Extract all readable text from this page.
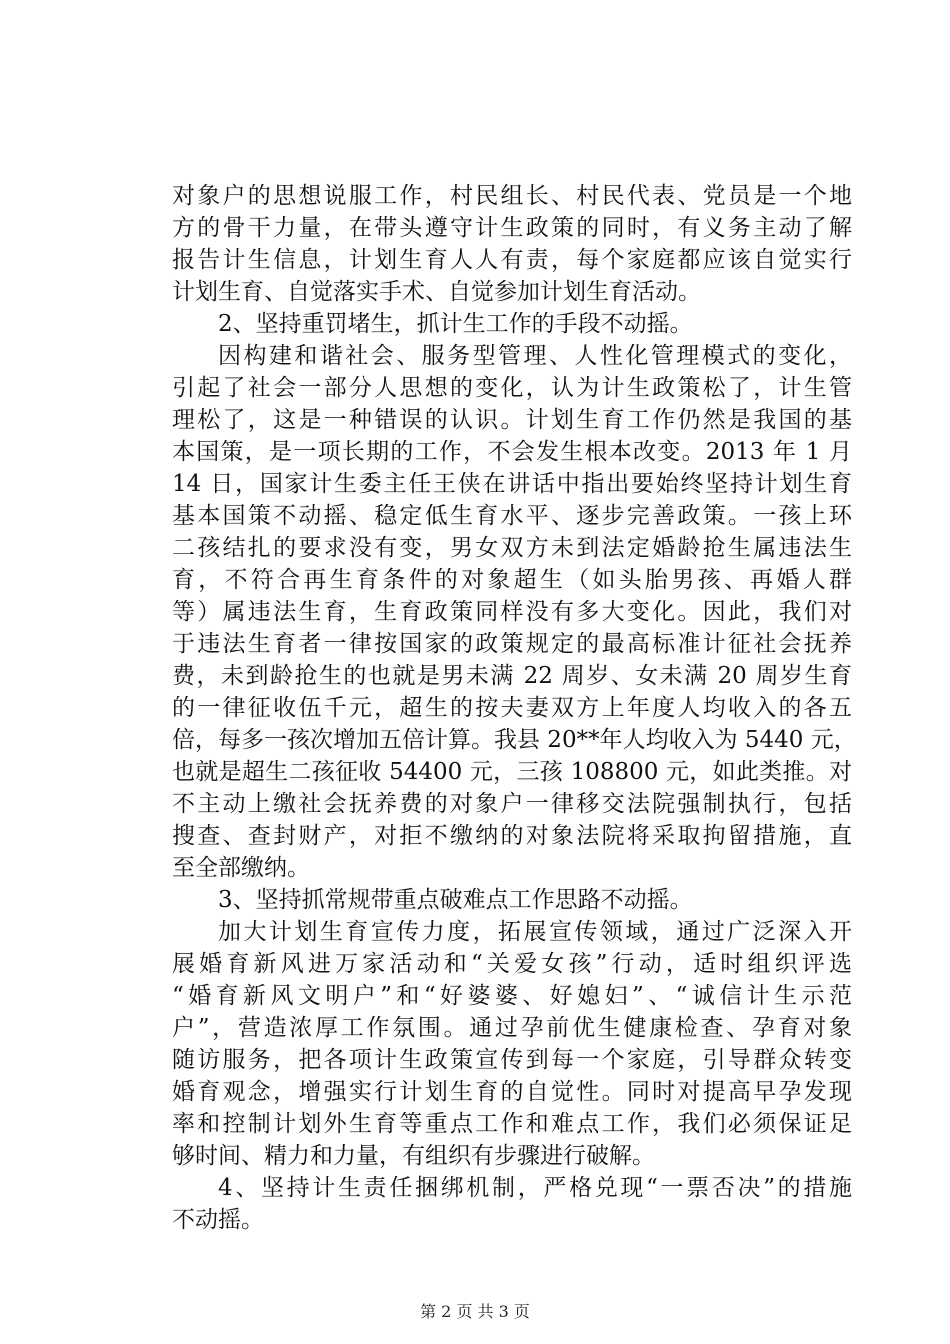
对象户的思想说服工作，村民组长、村民代表、党员是一个地
方的骨干力量，在带头遵守计生政策的同时，有义务主动了解
报告计生信息，计划生育人人有责，每个家庭都应该自觉实行
计划生育、自觉落实手术、自觉参加计划生育活动。
2、坚持重罚堵生，抓计生工作的手段不动摇。
因构建和谐社会、服务型管理、人性化管理模式的变化，
引起了社会一部分人思想的变化，认为计生政策松了，计生管
理松了，这是一种错误的认识。计划生育工作仍然是我国的基
本国策，是一项长期的工作，不会发生根本改变。2013 年 1 月
14 日，国家计生委主任王侠在讲话中指出要始终坚持计划生育
基本国策不动摇、稳定低生育水平、逐步完善政策。一孩上环
二孩结扎的要求没有变，男女双方未到法定婚龄抢生属违法生
育，不符合再生育条件的对象超生（如头胎男孩、再婚人群
等）属违法生育，生育政策同样没有多大变化。因此，我们对
于违法生育者一律按国家的政策规定的最高标准计征社会抚养
费，未到龄抢生的也就是男未满 22 周岁、女未满 20 周岁生育
的一律征收伍千元，超生的按夫妻双方上年度人均收入的各五
倍，每多一孩次增加五倍计算。我县 20**年人均收入为 5440 元，
也就是超生二孩征收 54400 元，三孩 108800 元，如此类推。对
不主动上缴社会抚养费的对象户一律移交法院强制执行，包括
搜查、查封财产，对拒不缴纳的对象法院将采取拘留措施，直
至全部缴纳。
3、坚持抓常规带重点破难点工作思路不动摇。
加大计划生育宣传力度，拓展宣传领域，通过广泛深入开
展婚育新风进万家活动和“关爱女孩”行动，适时组织评选
“婚育新风文明户”和“好婆婆、好媳妇”、“诚信计生示范
户”，营造浓厚工作氛围。通过孕前优生健康检查、孕育对象
随访服务，把各项计生政策宣传到每一个家庭，引导群众转变
婚育观念，增强实行计划生育的自觉性。同时对提高早孕发现
率和控制计划外生育等重点工作和难点工作，我们必须保证足
够时间、精力和力量，有组织有步骤进行破解。
4、坚持计生责任捆绑机制，严格兑现“一票否决”的措施
不动摇。
第 2 页 共 3 页
